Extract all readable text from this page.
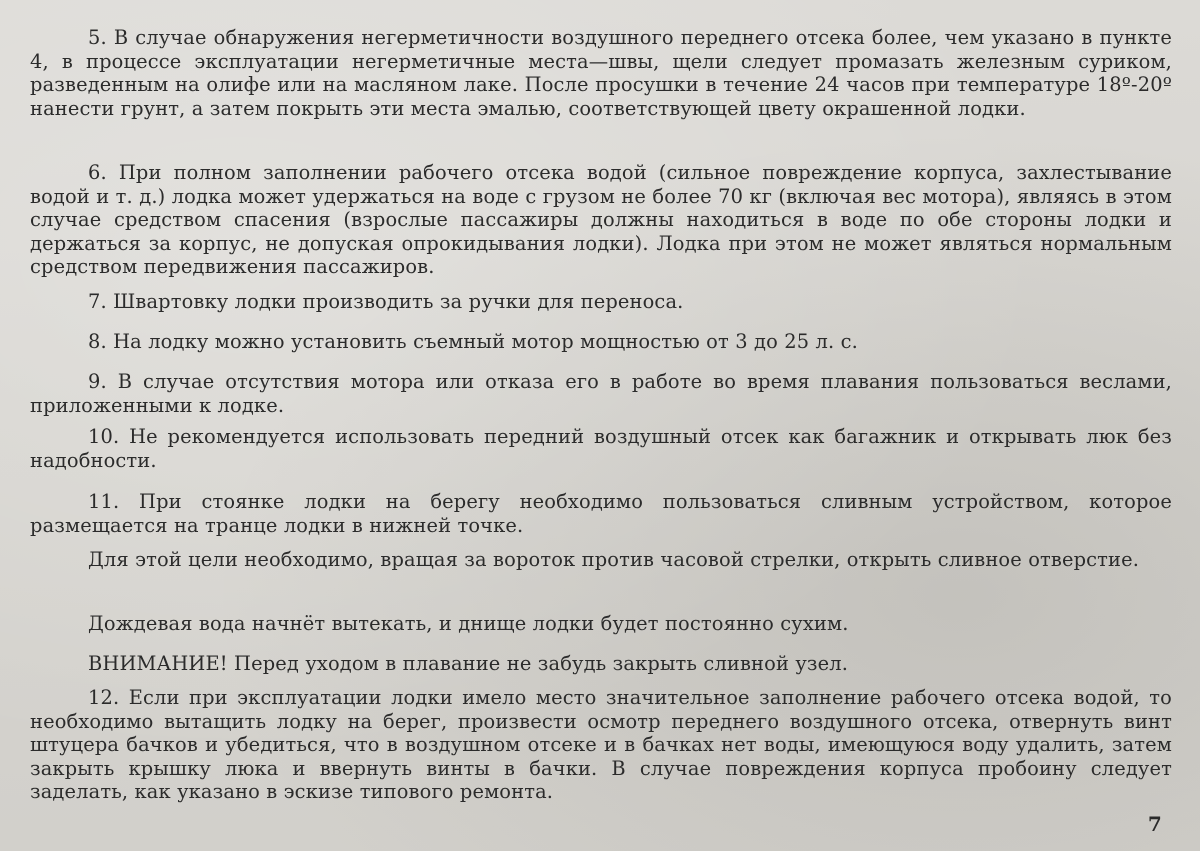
5. В случае обнаружения негерметичности воздушного переднего отсека более, чем указано в пункте 4, в процессе эксплуатации негерметичные места—швы, щели следует промазать железным суриком, разведенным на олифе или на масляном лаке. После просушки в течение 24 часов при температуре 18º-20º нанести грунт, а затем покрыть эти места эмалью, соответствующей цвету окрашенной лодки.

6. При полном заполнении рабочего отсека водой (сильное повреждение корпуса, захлестывание водой и т. д.) лодка может удержаться на воде с грузом не более 70 кг (включая вес мотора), являясь в этом случае средством спасения (взрослые пассажиры должны находиться в воде по обе стороны лодки и держаться за корпус, не допуская опрокидывания лодки). Лодка при этом не может являться нормальным средством передвижения пассажиров.

7. Швартовку лодки производить за ручки для переноса.

8. На лодку можно установить съемный мотор мощностью от 3 до 25 л. с.

9. В случае отсутствия мотора или отказа его в работе во время плавания пользоваться веслами, приложенными к лодке.

10. Не рекомендуется использовать передний воздушный отсек как багажник и открывать люк без надобности.

11. При стоянке лодки на берегу необходимо пользоваться сливным устройством, которое размещается на транце лодки в нижней точке.

Для этой цели необходимо, вращая за вороток против часовой стрелки, открыть сливное отверстие.

Дождевая вода начнёт вытекать, и днище лодки будет постоянно сухим.

ВНИМАНИЕ! Перед уходом в плавание не забудь закрыть сливной узел.

12. Если при эксплуатации лодки имело место значительное заполнение рабочего отсека водой, то необходимо вытащить лодку на берег, произвести осмотр переднего воздушного отсека, отвернуть винт штуцера бачков и убедиться, что в воздушном отсеке и в бачках нет воды, имеющуюся воду удалить, затем закрыть крышку люка и ввернуть винты в бачки. В случае повреждения корпуса пробоину следует заделать, как указано в эскизе типового ремонта.

7
